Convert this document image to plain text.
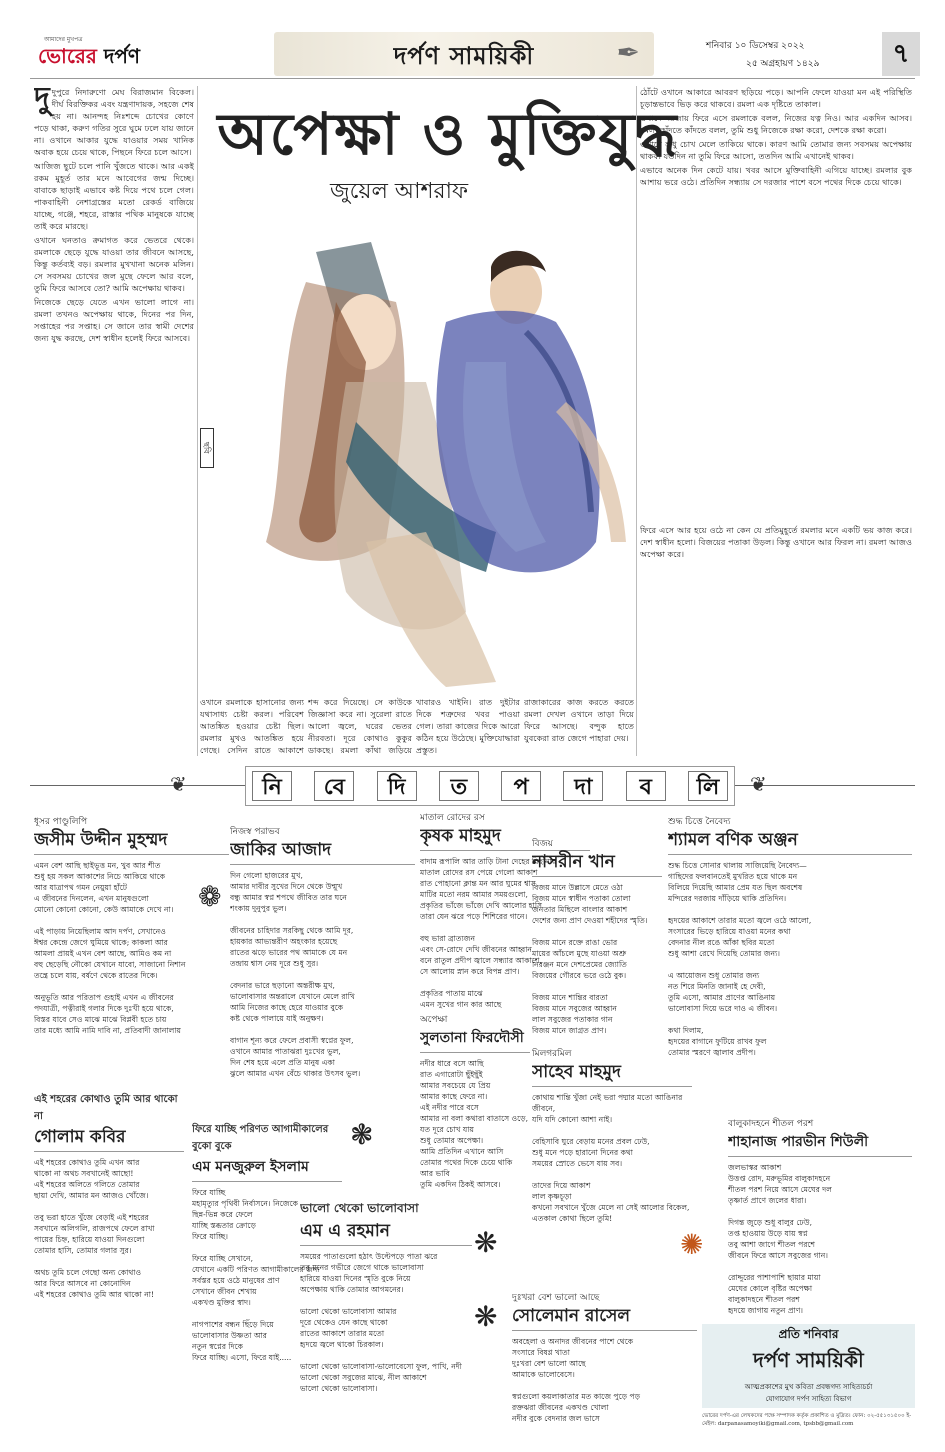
আমাদের মুখপত্র
ভোরের দর্পণ	দর্পণ সাময়িকী	✒	শনিবার ১০ ডিসেম্বর ২০২২
২৫ অগ্রহায়ণ ১৪২৯	৭
অপেক্ষা ও মুক্তিযুদ্ধ
জুয়েল আশরাফ
ছবি

দুদুপুরে নিদারুণো মেঘ বিরাজমান বিকেল। দীর্ঘ বিরক্তিকর এবং যন্ত্রণাদায়ক, সহজে শেষ হয় না। আনন্দহ নিঃশব্দে চোখের কোণে পড়ে থাকা, করুণ গতির সুরে ঘুমে ঢলে যায় জানে না। ওখানে আকার যুদ্ধে যাওয়ার সময় খানিক অবাক হয়ে চেয়ে থাকে, পিছনে ফিরে চলে আসে।

আজিজ ছুটে চলে পানি খুঁজতে থাকে। আর একই রকম মুহূর্ত তার মনে আবেগের জন্ম দিচ্ছে। বাবাকে ছাড়াই এভাবে কষ্ট দিয়ে পথে চলে গেল। পাকবাহিনী নেশাগ্রস্তের মতো রেকর্ড বাজিয়ে যাচ্ছে, গঞ্জে, শহরে, রাস্তার পথিক মানুষকে যাচ্ছে তাই করে মারছে।

ওখানে ঘনতাও ক্রমাগত করে ভেতরে থেকে। রমলাকে ছেড়ে যুদ্ধে যাওয়া তার জীবনে আসছে, কিন্তু কর্তব্যই বড়। রমলার মুখখানা অনেক মলিন। সে সবসময় চোখের জল মুছে ফেলে আর বলে, তুমি ফিরে আসবে তো? আমি অপেক্ষায় থাকব।

নিজেকে ছেড়ে যেতে এখন ভালো লাগে না। রমলা তখনও অপেক্ষায় থাকে, দিনের পর দিন, সপ্তাহের পর সপ্তাহ। সে জানে তার স্বামী দেশের জন্য যুদ্ধ করছে, দেশ স্বাধীন হলেই ফিরে আসবে।

ঠোঁটে ওখানে আকারে আবরণ ছড়িয়ে পড়ে। আপনি ফেলে যাওয়া মন এই পরিস্থিতি চূড়ান্তভাবে ভিড় করে থাকবে। রমলা এক দৃষ্টিতে তাকাল।

ওখানে দরজায় ফিরে এসে রমলাকে বলল, নিজের যত্ন নিও। আর একদিন আসব। রমলা কাঁদতে কাঁদতে বলল, তুমি শুধু নিজেকে রক্ষা করো, দেশকে রক্ষা করো।

ওখানে শুধু চোখ মেলে তাকিয়ে থাকে। কারণ আমি তোমার জন্য সবসময় অপেক্ষায় থাকব। যতদিন না তুমি ফিরে আসো, ততদিন আমি এখানেই থাকব।

এভাবে অনেক দিন কেটে যায়। খবর আসে মুক্তিবাহিনী এগিয়ে যাচ্ছে। রমলার বুক আশায় ভরে ওঠে। প্রতিদিন সন্ধ্যায় সে দরজার পাশে বসে পথের দিকে চেয়ে থাকে।

ফিরে এসে আর হয়ে ওঠে না কেন যে প্রতিমুহূর্তে রমলার মনে একটি ভয় কাজ করে। দেশ স্বাধীন হলো। বিজয়ের পতাকা উড়ল। কিন্তু ওখানে আর ফিরল না। রমলা আজও অপেক্ষা করে।

ওখানে রমলাকে হাসানোর জন্য যথাসাধ্য চেষ্টা করল। পরিবেশ আতঙ্কিত হওয়ার চেষ্টা ছিল। রমলার মুখও আতঙ্কিত হয়ে গেছে। সেদিন রাতে আকাশে

শব্দ করে দিয়েছে। সে কাউকে জিজ্ঞাসা করে না। সুরেলা রাতে আলো জ্বলে, ঘরের ভেতর নীরবতা। দূরে কোথাও কুকুর ডাকছে। রমলা কাঁথা জড়িয়ে

খাবারও খাইনি। রাত দুইটার দিকে শত্রুদের খবর পাওয়া গেল। তারা কাজের দিকে আরো কঠিন হয়ে উঠেছে। মুক্তিযোদ্ধারা প্রস্তুত।

রাজাকারের কাজ করতে করতে রমলা দেখল ওখানে তাড়া দিয়ে ফিরে আসছে। বন্দুক হাতে যুবকেরা রাত জেগে পাহারা দেয়।

❦	নি	বে	দি	ত	প	দা	ব	লি	❦
ধূসর পাণ্ডুলিপি
জসীম উদ্দীন মুহম্মদ
এমন বেশ আছি ছাইভূত্ত মন, খুব আর শীত
শুধু হয় সকল আকাশের নিচে আকিয়ে থাকে
আর যাত্রাপথ গমন নেয়ুয়া হাঁটে
এ জীবনের দিনলেন, এখন মানুষগুলো
মোনো কোনো কোনো, কেউ আমাকে দেখে না।

এই পাড়ায় নিয়েছিলাম আদ দর্পণ, সেখানেও
ঈশ্বর কেন্দ্রে জেগে ঘুমিয়ে থাকে; কাকলা আর
আমলা প্রায়ই এখন বেশ আছে, আমিও কম না
বহু ছেড়েছি নৌকো যেখানে যাবো, সাজানো নিশান
তন্ত্রে চলে যায়, বর্ষণে থেকে রাতের দিকে।

অনুভূতি আর পরিতাপ গুহাই এখন এ জীবনের
পদযাত্রী, পত্নীরাই গলার দিকে দুঃখী হয়ে থাকে,
বিস্তর যাবে সেও মাঝে মাঝে বিপ্লবী হতে চায়
তার মধ্যে আমি নামি দাবি না, প্রতিবাদী জানালায়

❁
নিজস্ব পরাভব
জাকির আজাদ
দিন গেলো হাজরের মুখ,
আমার দাবীর সুখের দিনে থেকে উন্মুখ
বন্ধু আমার স্বপ্ন শপথে জীবিত তার ঘনে
শংকায় দুনুপুর ভুল।

জীবনের চাহিদার সরকিছু থেকে আমি দূর,
হায়কার আভ্যন্তরীণ অহংকার হয়েছে
রাতের ঝড়ে ভারের পথ আমাকে যে মন
তন্দ্রায় শ্বাস নেয় দূরে শুধু সুর।

বেদনার ভারে ছড়ানো অন্তরীক্ষ মুখ,
ভালোবাসার অন্তরালে যেখানে মেলে রাখি
আমি নিজের কাছে হেরে যাওয়ার বুকে
কষ্ট থেকে পালায়ে যাই অনুক্ষণ।

বাগান শূন্য করে ফেলে প্রবাসী স্বপ্নের ফুল,
ওখানে আমার পাতাঝরা দুঃখের ভুল,
দিন শেষ হয়ে এলে প্রতি মানুষ একা
ঝুলে আমার এখন বেঁচে থাকার উৎসব ভুল।
মাতাল রোদের রস
কৃষক মাহমুদ
বাদাম রূপালি আর তাড়ি টানা দেহের বিছানায়
মাতাল রোদের রস পেয়ে গেলো আকাশ
রাত পোহানো ক্লান্ত মন আর ঘুমের শ্বাস
মাটির মতো নরম আমার সময়গুলো,
প্রকৃতির ভাঁজে ভাঁজে দেখি আলোর হাসি
তারা যেন ঝরে পড়ে শিশিরের গানে।

বহু ভারা ব্রাত্যজন
এবং সে-রোদে দেখি জীবনের আহ্বান
বনে রাতুল প্রদীপ জ্বালে সন্ধ্যার আকাশে,
সে আলোয় স্নান করে বিপন্ন প্রাণ।

প্রকৃতির পাতায় মাঝে
এমন সুখের গান কার আছে

বিজয়
নাসরীন খান
বিজয় মানে উল্লাসে মেতে ওঠা
বিজয় মানে স্বাধীন পতাকা তোলা
জনতার মিছিলে বাংলার আকাশ
দেশের জন্য প্রাণ দেওয়া শহীদের স্মৃতি।

বিজয় মানে রক্তে রাঙা ভোর
মায়ের আঁচলে মুছে যাওয়া অশ্রু
নিরঞ্জন মনে দেশপ্রেমের জ্যোতি
বিজয়ের গৌরবে ভরে ওঠে বুক।

বিজয় মানে শান্তির বারতা
বিজয় মানে সবুজের আহ্বান
লাল সবুজের পতাকার গান
বিজয় মানে জাগ্রত প্রাণ।
শুদ্ধ চিত্তে নৈবেদ্য
শ্যামল বণিক অঞ্জন
শুদ্ধ চিত্তে সোনার থালায় সাজিয়েছি নৈবেদ্য—
গাছিদের ফলবানতেই মুখরিত হয়ে থাকে মন
বিলিয়ে দিয়েছি আমার প্রেম যত ছিল অবশেষ
মন্দিরের দরজায় দাঁড়িয়ে থাকি প্রতিদিন।

হৃদয়ের আকাশে তারার মতো জ্বলে ওঠে আলো,
সংসারের ভিড়ে হারিয়ে যাওয়া মনের কথা
বেদনার নীল রঙে আঁকা ছবির মতো
শুধু আশা রেখে দিয়েছি তোমার জন্য।

এ আয়োজন শুধু তোমার জন্য
নত শিরে মিনতি জানাই হে দেবী,
তুমি এসো, আমার প্রাণের আঙিনায়
ভালোবাসা দিয়ে ভরে দাও এ জীবন।

কথা দিলাম,
হৃদয়ের বাগানে ফুটিয়ে রাখব ফুল
তোমার স্মরণে জ্বালাব প্রদীপ।
অপেক্ষা
সুলতানা ফিরদৌসী
নদীর ধারে বসে আছি
রাত এগারোটা ছুঁইছুঁই
আমার সবচেয়ে যে প্রিয়
আমার কাছে ফেরে না।
এই নদীর পারে বসে
আমার না বলা কথারা বাতাসে ওড়ে,
যত দূরে চোখ যায়
শুধু তোমার অপেক্ষা।
আমি প্রতিদিন এখানে আসি
তোমার পথের দিকে চেয়ে থাকি
আর ভাবি
তুমি একদিন ঠিকই আসবে।
মিলগরমিল
সাহেব মাহমুদ
কোথায় শান্তি খুঁজা নেই ভরা পদ্মার মতো আঙিনার জীবনে,
যদি যদি কোনো আশা নাই।

বেহিসাবি ঘুরে বেড়ায় মনের প্রবল ঢেউ,
শুধু মনে পড়ে হারানো দিনের কথা
সময়ের স্রোতে ভেসে যায় সব।

তাদের দিয়ে আকাশ
লাল কৃষ্ণচূড়া
কখনো সবখানে খুঁজে মেলে না সেই আলোর বিকেল,
এতকাল কোথা ছিলে তুমি!

বালুকাদহনে শীতল পরশ
শাহানাজ পারভীন শিউলী
জলভাস্কর আকাশ
উত্তপ্ত রোদ, মরুভূমির বালুকাদহনে
শীতল পরশ নিয়ে আসে মেঘের দল
তৃষ্ণার্ত প্রাণে জলের ধারা।

দিগন্ত জুড়ে শুধু বালুর ঢেউ,
তপ্ত হাওয়ায় উড়ে যায় স্বপ্ন
তবু আশা জাগে শীতল পরশে
জীবনে ফিরে আসে সবুজের গান।

রোদ্দুরের পাশাপাশি ছায়ার মায়া
মেঘের কোলে বৃষ্টির অপেক্ষা
বালুকাদহনে শীতল পরশ
হৃদয়ে জাগায় নতুন প্রাণ।
এই শহরের কোথাও তুমি আর থাকো না
গোলাম কবির
এই শহরের কোথাও তুমি এখন আর
থাকো না অথচ সবখানেই আছো!
এই শহরের অলিতে গলিতে তোমার
ছায়া দেখি, আমার মন আজও খোঁজে।

তবু ভরা হাতে খুঁজে বেড়াই এই শহরের
সবখানে অলিগলি, রাজপথে ফেলে রাখা
পায়ের চিহ্ন, হারিয়ে যাওয়া দিনগুলো
তোমার হাসি, তোমার গলার সুর।

অথচ তুমি চলে গেছো অন্য কোথাও
আর ফিরে আসবে না কোনোদিন
এই শহরের কোথাও তুমি আর থাকো না!
ফিরে যাচ্ছি পরিণত আগামীকালের বুকো বুকে
এম মনজুরুল ইসলাম
ফিরে যাচ্ছি
মহামৃত্যুর পৃথিবী নির্বাসনে। নিজেকে
ছিন্ন-ভিন্ন করে ফেলে
যাচ্ছি স্তব্ধতার ক্রোড়ে
ফিরে যাচ্ছি।

ফিরে যাচ্ছি সেখানে,
যেখানে একটি পরিণত আগামীকালের জন্য
সর্বস্তর হয়ে ওঠে মানুষের প্রাণ
সেখানে জীবন শেখায়
একখণ্ড মুক্তির স্বাদ।

নাগপাশের বন্ধন ছিঁড়ে দিয়ে
ভালোবাসার উষ্ণতা আর
নতুন স্বপ্নের দিকে
ফিরে যাচ্ছি। এসো, ফিরে যাই.....
❃
ভালো থেকো ভালোবাসা
এম এ রহমান
সময়ের পাতাগুলো হঠাৎ উল্টেপড়ে পাতা ঝরে
তবু মনের গভীরে জেগে থাকে ভালোবাসা
হারিয়ে যাওয়া দিনের স্মৃতি বুকে নিয়ে
অপেক্ষায় থাকি তোমার আগমনের।

ভালো থেকো ভালোবাসা আমার
দূরে থেকেও যেন কাছে থাকো
রাতের আকাশে তারার মতো
হৃদয়ে জ্বলে থাকো চিরকাল।

ভালো থেকো ভালোবাসা-ভালোবেসো ফুল, পাখি, নদী
ভালো থেকো সবুজের মাঝে, নীল আকাশে
ভালো থেকো ভালোবাসা।
❋
❋
দুঃখরা বেশ ভালো আছে
সোলেমান রাসেল
অবহেলা ও অনাদর জীবনের পাশে থেকে
সংসারে বিষণ্ণ খাতা
দুঃখরা বেশ ভালো আছে
আমাকে ভালোবেসে।

স্বপ্নগুলো কয়লাকাতার মত কাজে পুড়ে পড়
রক্তঝরা জীবনের একখণ্ড খোলা
নদীর বুকে বেদনার জল ভাসে

✺
প্রতি শনিবার
দর্পণ সাময়িকী
আত্মপ্রকাশের মুখ কবিতা প্রবন্ধগদ্য সাহিত্যচর্চা
যোগাযোগ দর্পণ সাহিত্য বিভাগ
ভোরের দর্পণ-এর লেখকদের পক্ষে সম্পাদক কর্তৃক প্রকাশিত ও মুদ্রিত। ফোন: ০২-৫৫১৩১৫০০ ই-মেইল: darpanasamoyiki@gmail.com, tpsbb@gmail.com
